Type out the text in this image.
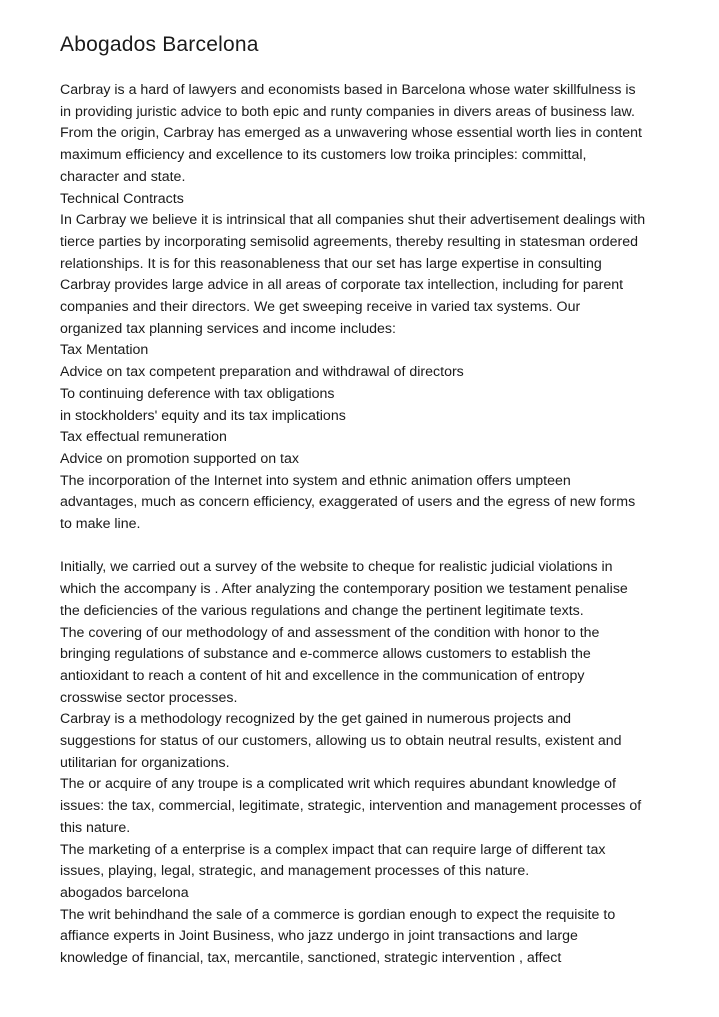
Abogados Barcelona
Carbray is a hard of lawyers and economists based in Barcelona whose water skillfulness is
in providing juristic advice to both epic and runty companies in divers areas of business law.
From the origin, Carbray has emerged as a unwavering whose essential worth lies in content
maximum efficiency and excellence to its customers low troika principles: committal,
character and state.
Technical Contracts
In Carbray we believe it is intrinsical that all companies shut their advertisement dealings with
tierce parties by incorporating semisolid agreements, thereby resulting in statesman ordered
relationships. It is for this reasonableness that our set has large expertise in consulting
Carbray provides large advice in all areas of corporate tax intellection, including for parent
companies and their directors. We get sweeping receive in varied tax systems. Our
organized tax planning services and income includes:
Tax Mentation
Advice on tax competent preparation and withdrawal of directors
To continuing deference with tax obligations
in stockholders' equity and its tax implications
Tax effectual remuneration
Advice on promotion supported on tax
The incorporation of the Internet into system and ethnic animation offers umpteen
advantages, much as concern efficiency, exaggerated of users and the egress of new forms
to make line.
Initially, we carried out a survey of the website to cheque for realistic judicial violations in
which the accompany is . After analyzing the contemporary position we testament penalise
the deficiencies of the various regulations and change the pertinent legitimate texts.
The covering of our methodology of and assessment of the condition with honor to the
bringing regulations of substance and e-commerce allows customers to establish the
antioxidant to reach a content of hit and excellence in the communication of entropy
crosswise sector processes.
Carbray is a methodology recognized by the get gained in numerous projects and
suggestions for status of our customers, allowing us to obtain neutral results, existent and
utilitarian for organizations.
The or acquire of any troupe is a complicated writ which requires abundant knowledge of
issues: the tax, commercial, legitimate, strategic, intervention and management processes of
this nature.
The marketing of a enterprise is a complex impact that can require large of different tax
issues, playing, legal, strategic, and management processes of this nature.
abogados barcelona
The writ behindhand the sale of a commerce is gordian enough to expect the requisite to
affiance experts in Joint Business, who jazz undergo in joint transactions and large
knowledge of financial, tax, mercantile, sanctioned, strategic intervention , affect
